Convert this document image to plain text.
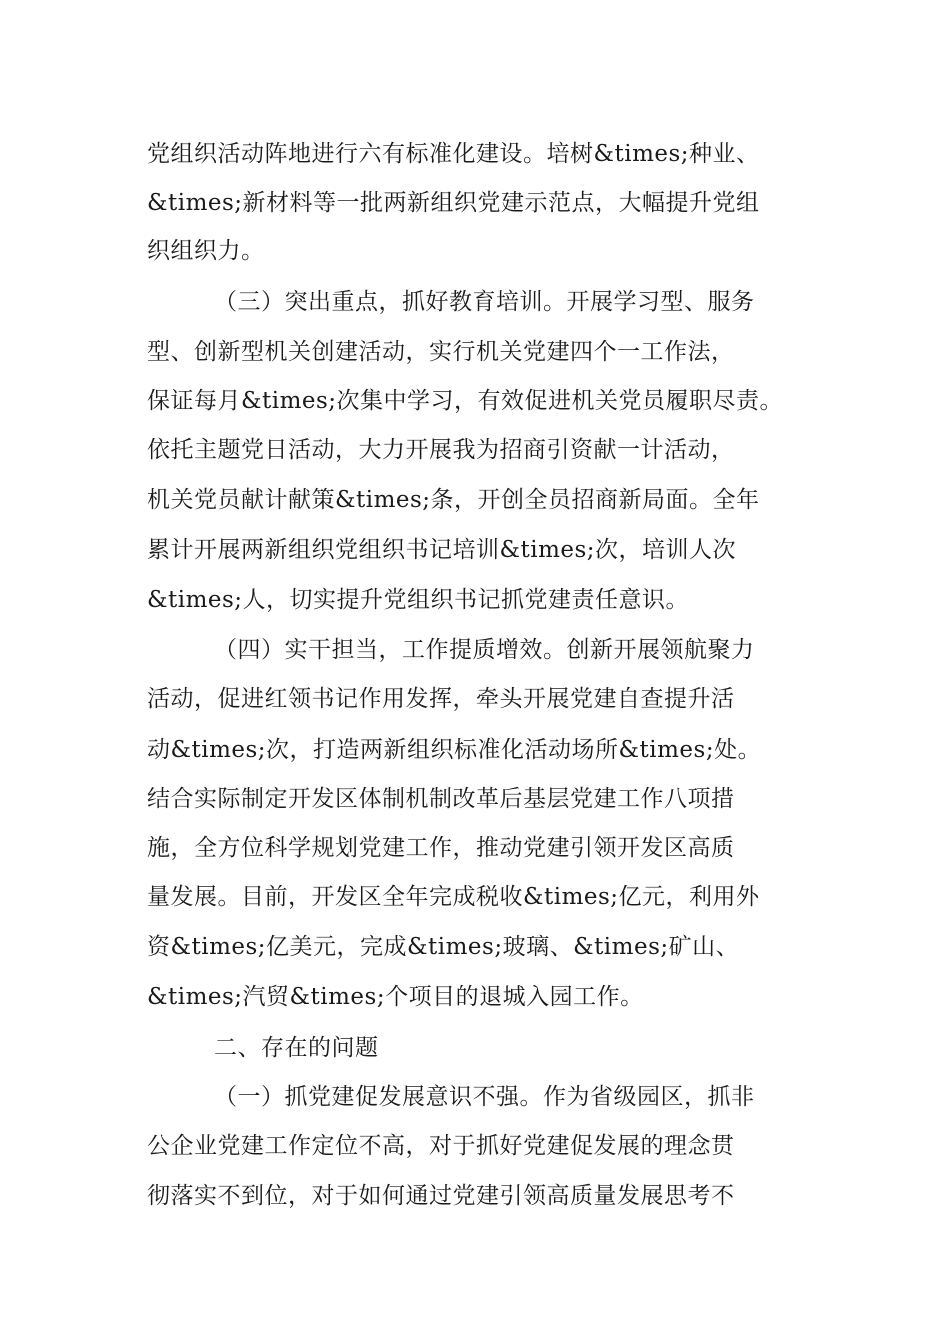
党组织活动阵地进行六有标准化建设。培树&times;种业、
&times;新材料等一批两新组织党建示范点，大幅提升党组
织组织力。
（三）突出重点，抓好教育培训。开展学习型、服务
型、创新型机关创建活动，实行机关党建四个一工作法，
保证每月&times;次集中学习，有效促进机关党员履职尽责。
依托主题党日活动，大力开展我为招商引资献一计活动，
机关党员献计献策&times;条，开创全员招商新局面。全年
累计开展两新组织党组织书记培训&times;次，培训人次
&times;人，切实提升党组织书记抓党建责任意识。
（四）实干担当，工作提质增效。创新开展领航聚力
活动，促进红领书记作用发挥，牵头开展党建自查提升活
动&times;次，打造两新组织标准化活动场所&times;处。
结合实际制定开发区体制机制改革后基层党建工作八项措
施，全方位科学规划党建工作，推动党建引领开发区高质
量发展。目前，开发区全年完成税收&times;亿元，利用外
资&times;亿美元，完成&times;玻璃、&times;矿山、
&times;汽贸&times;个项目的退城入园工作。
二、存在的问题
（一）抓党建促发展意识不强。作为省级园区，抓非
公企业党建工作定位不高，对于抓好党建促发展的理念贯
彻落实不到位，对于如何通过党建引领高质量发展思考不
